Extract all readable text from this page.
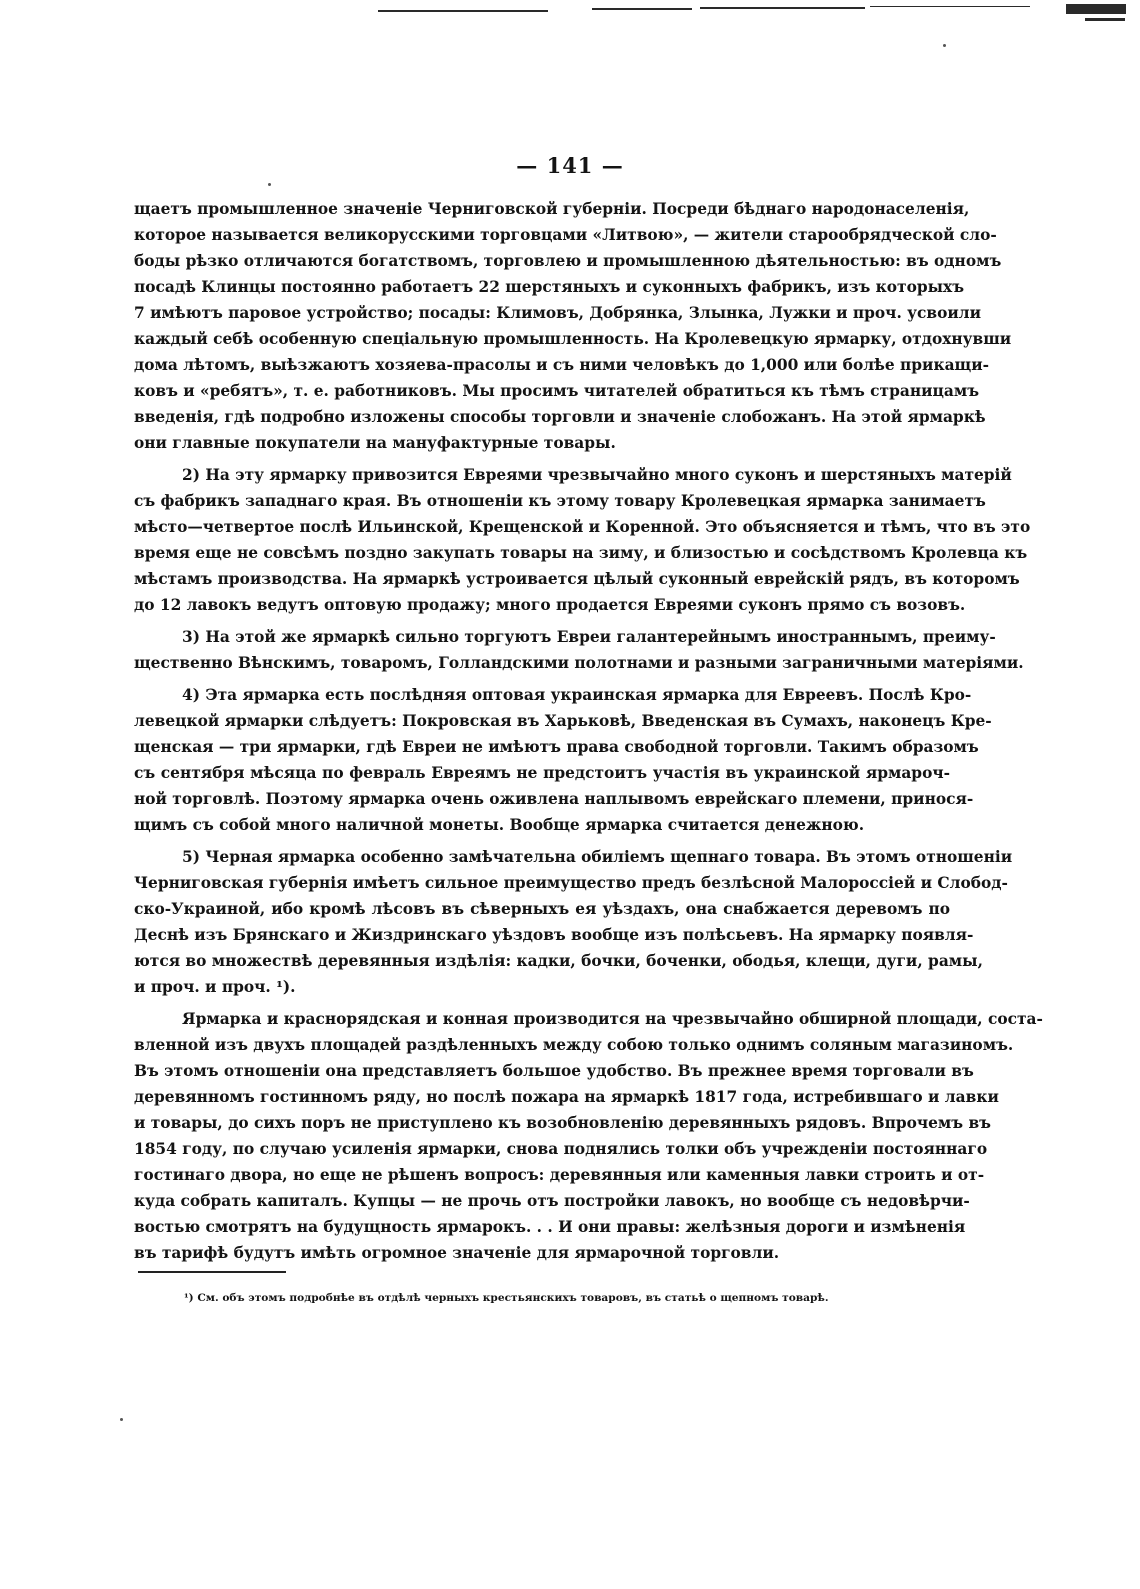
— 141 —
щаетъ промышленное значеніе Черниговской губерніи. Посреди бѣднаго народонаселенія,
которое называется великорусскими торговцами «Литвою», — жители старообрядческой сло-
боды рѣзко отличаются богатствомъ, торговлею и промышленною дѣятельностью: въ одномъ
посадѣ Клинцы постоянно работаетъ 22 шерстяныхъ и суконныхъ фабрикъ, изъ которыхъ
7 имѣютъ паровое устройство; посады: Климовъ, Добрянка, Злынка, Лужки и проч. усвоили
каждый себѣ особенную спеціальную промышленность. На Кролевецкую ярмарку, отдохнувши
дома лѣтомъ, выѣзжаютъ хозяева-прасолы и съ ними человѣкъ до 1,000 или болѣе прикащи-
ковъ и «ребятъ», т. е. работниковъ. Мы просимъ читателей обратиться къ тѣмъ страницамъ
введенія, гдѣ подробно изложены способы торговли и значеніе слобожанъ. На этой ярмаркѣ
они главные покупатели на мануфактурные товары.
2) На эту ярмарку привозится Евреями чрезвычайно много суконъ и шерстяныхъ матерій
съ фабрикъ западнаго края. Въ отношеніи къ этому товару Кролевецкая ярмарка занимаетъ
мѣсто—четвертое послѣ Ильинской, Крещенской и Коренной. Это объясняется и тѣмъ, что въ это
время еще не совсѣмъ поздно закупать товары на зиму, и близостью и сосѣдствомъ Кролевца къ
мѣстамъ производства. На ярмаркѣ устроивается цѣлый суконный еврейскій рядъ, въ которомъ
до 12 лавокъ ведутъ оптовую продажу; много продается Евреями суконъ прямо съ возовъ.
3) На этой же ярмаркѣ сильно торгуютъ Евреи галантерейнымъ иностраннымъ, преиму-
щественно Вѣнскимъ, товаромъ, Голландскими полотнами и разными заграничными матеріями.
4) Эта ярмарка есть послѣдняя оптовая украинская ярмарка для Евреевъ. Послѣ Кро-
левецкой ярмарки слѣдуетъ: Покровская въ Харьковѣ, Введенская въ Сумахъ, наконецъ Кре-
щенская — три ярмарки, гдѣ Евреи не имѣютъ права свободной торговли. Такимъ образомъ
съ сентября мѣсяца по февраль Евреямъ не предстоитъ участія въ украинской ярмароч-
ной торговлѣ. Поэтому ярмарка очень оживлена наплывомъ еврейскаго племени, принося-
щимъ съ собой много наличной монеты. Вообще ярмарка считается денежною.
5) Черная ярмарка особенно замѣчательна обиліемъ щепнаго товара. Въ этомъ отношеніи
Черниговская губернія имѣетъ сильное преимущество предъ безлѣсной Малороссіей и Слобод-
ско-Украиной, ибо кромѣ лѣсовъ въ сѣверныхъ ея уѣздахъ, она снабжается деревомъ по
Деснѣ изъ Брянскаго и Жиздринскаго уѣздовъ вообще изъ полѣсьевъ. На ярмарку появля-
ются во множествѣ деревянныя издѣлія: кадки, бочки, боченки, ободья, клещи, дуги, рамы,
и проч. и проч. ¹).
Ярмарка и краснорядская и конная производится на чрезвычайно обширной площади, соста-
вленной изъ двухъ площадей раздѣленныхъ между собою только однимъ соляным магазиномъ.
Въ этомъ отношеніи она представляетъ большое удобство. Въ прежнее время торговали въ
деревянномъ гостинномъ ряду, но послѣ пожара на ярмаркѣ 1817 года, истребившаго и лавки
и товары, до сихъ поръ не приступлено къ возобновленію деревянныхъ рядовъ. Впрочемъ въ
1854 году, по случаю усиленія ярмарки, снова поднялись толки объ учрежденіи постояннаго
гостинаго двора, но еще не рѣшенъ вопросъ: деревянныя или каменныя лавки строить и от-
куда собрать капиталъ. Купцы — не прочь отъ постройки лавокъ, но вообще съ недовѣрчи-
востью смотрятъ на будущность ярмарокъ. . . И они правы: желѣзныя дороги и измѣненія
въ тарифѣ будутъ имѣть огромное значеніе для ярмарочной торговли.
¹) См. объ этомъ подробнѣе въ отдѣлѣ черныхъ крестьянскихъ товаровъ, въ статьѣ о щепномъ товарѣ.
